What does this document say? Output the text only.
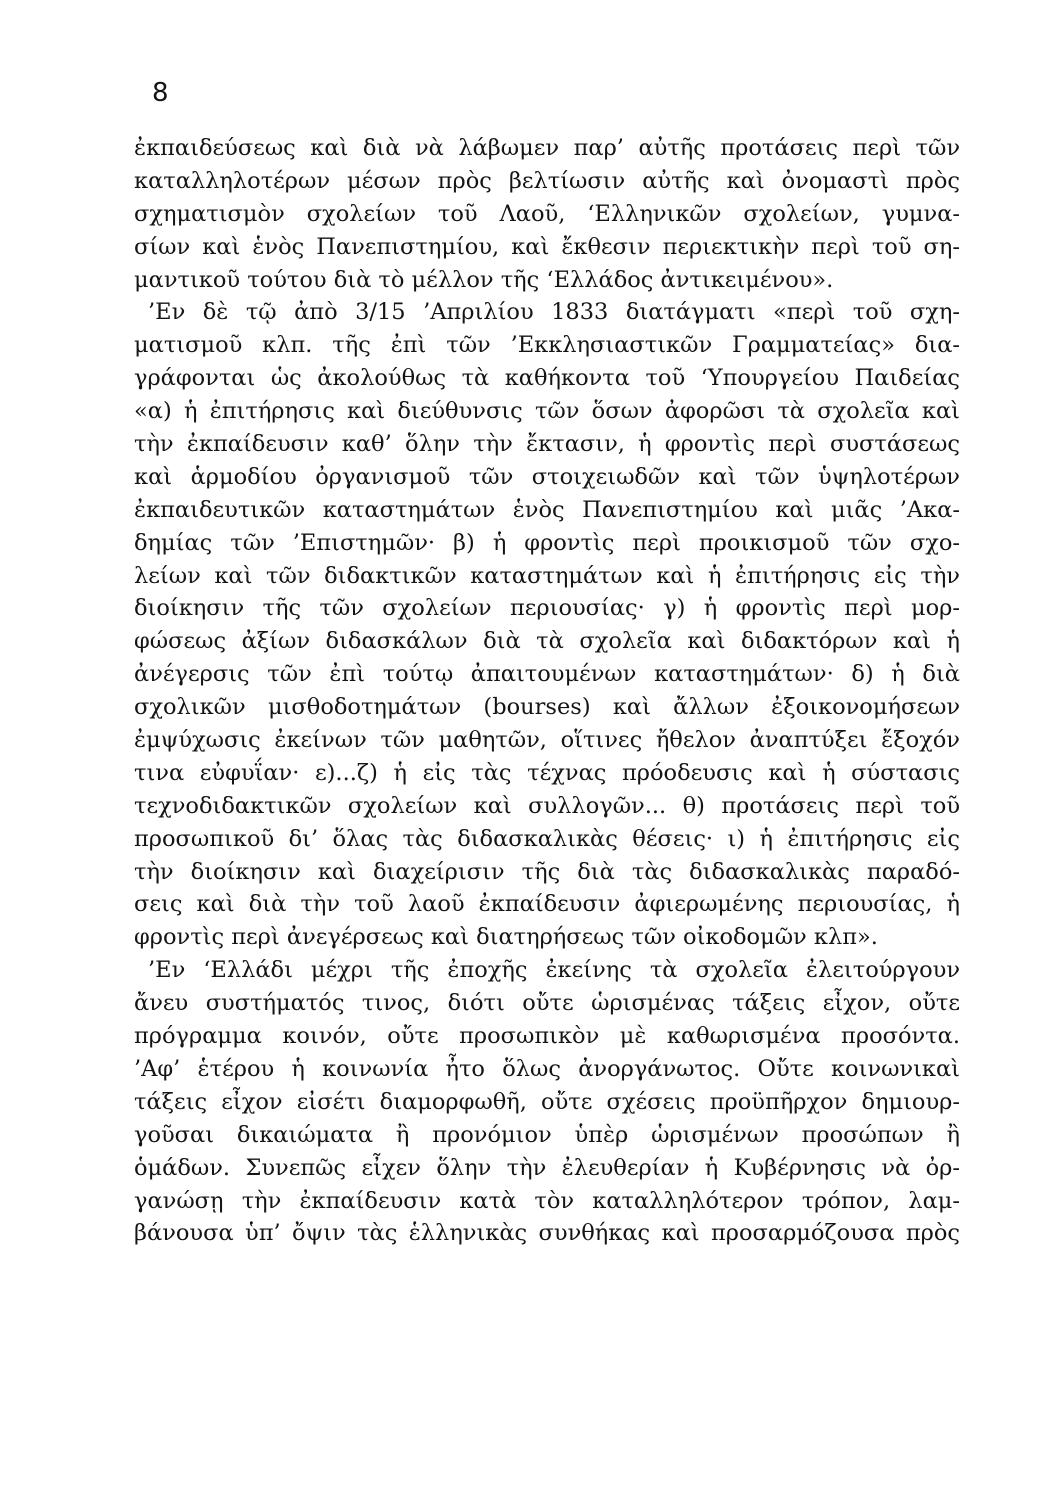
8
ἐκπαιδεύσεως καὶ διὰ νὰ λάβωμεν παρ’ αὐτῆς προτάσεις περὶ τῶν
καταλληλοτέρων μέσων πρὸς βελτίωσιν αὐτῆς καὶ ὀνομαστὶ πρὸς
σχηματισμὸν σχολείων τοῦ Λαοῦ, ‘Ελληνικῶν σχολείων, γυμνα-
σίων καὶ ἑνὸς Πανεπιστημίου, καὶ ἔκθεσιν περιεκτικὴν περὶ τοῦ ση-
μαντικοῦ τούτου διὰ τὸ μέλλον τῆς ‘Ελλάδος ἀντικειμένου».
’Εν δὲ τῷ ἀπὸ 3/15 ’Απριλίου 1833 διατάγματι «περὶ τοῦ σχη-
ματισμοῦ κλπ. τῆς ἐπὶ τῶν ’Εκκλησιαστικῶν Γραμματείας» δια-
γράφονται ὡς ἀκολούθως τὰ καθήκοντα τοῦ ‘Υπουργείου Παιδείας
«α) ἡ ἐπιτήρησις καὶ διεύθυνσις τῶν ὅσων ἀφορῶσι τὰ σχολεῖα καὶ
τὴν ἐκπαίδευσιν καθ’ ὅλην τὴν ἔκτασιν, ἡ φροντὶς περὶ συστάσεως
καὶ ἁρμοδίου ὀργανισμοῦ τῶν στοιχειωδῶν καὶ τῶν ὑψηλοτέρων
ἐκπαιδευτικῶν καταστημάτων ἑνὸς Πανεπιστημίου καὶ μιᾶς ’Ακα-
δημίας τῶν ’Επιστημῶν· β) ἡ φροντὶς περὶ προικισμοῦ τῶν σχο-
λείων καὶ τῶν διδακτικῶν καταστημάτων καὶ ἡ ἐπιτήρησις εἰς τὴν
διοίκησιν τῆς τῶν σχολείων περιουσίας· γ) ἡ φροντὶς περὶ μορ-
φώσεως ἀξίων διδασκάλων διὰ τὰ σχολεῖα καὶ διδακτόρων καὶ ἡ
ἀνέγερσις τῶν ἐπὶ τούτῳ ἀπαιτουμένων καταστημάτων· δ) ἡ διὰ
σχολικῶν μισθοδοτημάτων (bourses) καὶ ἄλλων ἐξοικονομήσεων
ἐμψύχωσις ἐκείνων τῶν μαθητῶν, οἵτινες ἤθελον ἀναπτύξει ἔξοχόν
τινα εὐφυΐαν· ε)...ζ) ἡ εἰς τὰς τέχνας πρόοδευσις καὶ ἡ σύστασις
τεχνοδιδακτικῶν σχολείων καὶ συλλογῶν... θ) προτάσεις περὶ τοῦ
προσωπικοῦ δι’ ὅλας τὰς διδασκαλικὰς θέσεις· ι) ἡ ἐπιτήρησις εἰς
τὴν διοίκησιν καὶ διαχείρισιν τῆς διὰ τὰς διδασκαλικὰς παραδό-
σεις καὶ διὰ τὴν τοῦ λαοῦ ἐκπαίδευσιν ἀφιερωμένης περιουσίας, ἡ
φροντὶς περὶ ἀνεγέρσεως καὶ διατηρήσεως τῶν οἰκοδομῶν κλπ».
’Εν ‘Ελλάδι μέχρι τῆς ἐποχῆς ἐκείνης τὰ σχολεῖα ἐλειτούργουν
ἄνευ συστήματός τινος, διότι οὔτε ὡρισμένας τάξεις εἶχον, οὔτε
πρόγραμμα κοινόν, οὔτε προσωπικὸν μὲ καθωρισμένα προσόντα.
’Αφ’ ἑτέρου ἡ κοινωνία ἦτο ὅλως ἀνοργάνωτος. Οὔτε κοινωνικαὶ
τάξεις εἶχον εἰσέτι διαμορφωθῆ, οὔτε σχέσεις προϋπῆρχον δημιουρ-
γοῦσαι δικαιώματα ἢ προνόμιον ὑπὲρ ὡρισμένων προσώπων ἢ
ὁμάδων. Συνεπῶς εἶχεν ὅλην τὴν ἐλευθερίαν ἡ Κυβέρνησις νὰ ὀρ-
γανώσῃ τὴν ἐκπαίδευσιν κατὰ τὸν καταλληλότερον τρόπον, λαμ-
βάνουσα ὑπ’ ὄψιν τὰς ἑλληνικὰς συνθήκας καὶ προσαρμόζουσα πρὸς
